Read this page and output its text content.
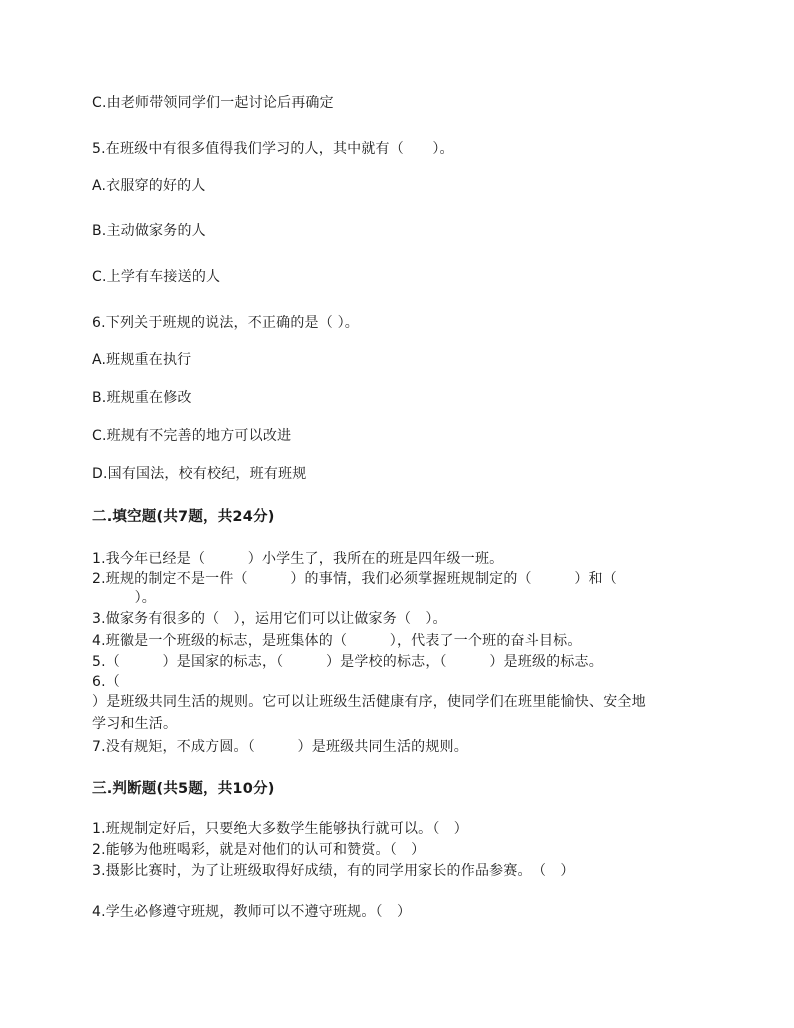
C.由老师带领同学们一起讨论后再确定
5.在班级中有很多值得我们学习的人，其中就有（　　）。
A.衣服穿的好的人
B.主动做家务的人
C.上学有车接送的人
6.下列关于班规的说法，不正确的是（ ）。
A.班规重在执行
B.班规重在修改
C.班规有不完善的地方可以改进
D.国有国法，校有校纪，班有班规
二.填空题(共7题，共24分)
1.我今年已经是（　　　）小学生了，我所在的班是四年级一班。
2.班规的制定不是一件（　　　）的事情，我们必须掌握班规制定的（　　　）和（
　　　）。
3.做家务有很多的（　），运用它们可以让做家务（　）。
4.班徽是一个班级的标志，是班集体的（　　　），代表了一个班的奋斗目标。
5.（　　　）是国家的标志，（　　　）是学校的标志，（　　　）是班级的标志。
6.（
）是班级共同生活的规则。它可以让班级生活健康有序，使同学们在班里能愉快、安全地
学习和生活。
7.没有规矩，不成方圆。（　　　）是班级共同生活的规则。
三.判断题(共5题，共10分)
1.班规制定好后，只要绝大多数学生能够执行就可以。（　）
2.能够为他班喝彩，就是对他们的认可和赞赏。（　）
3.摄影比赛时，为了让班级取得好成绩，有的同学用家长的作品参赛。　（　）
4.学生必修遵守班规，教师可以不遵守班规。（　）
